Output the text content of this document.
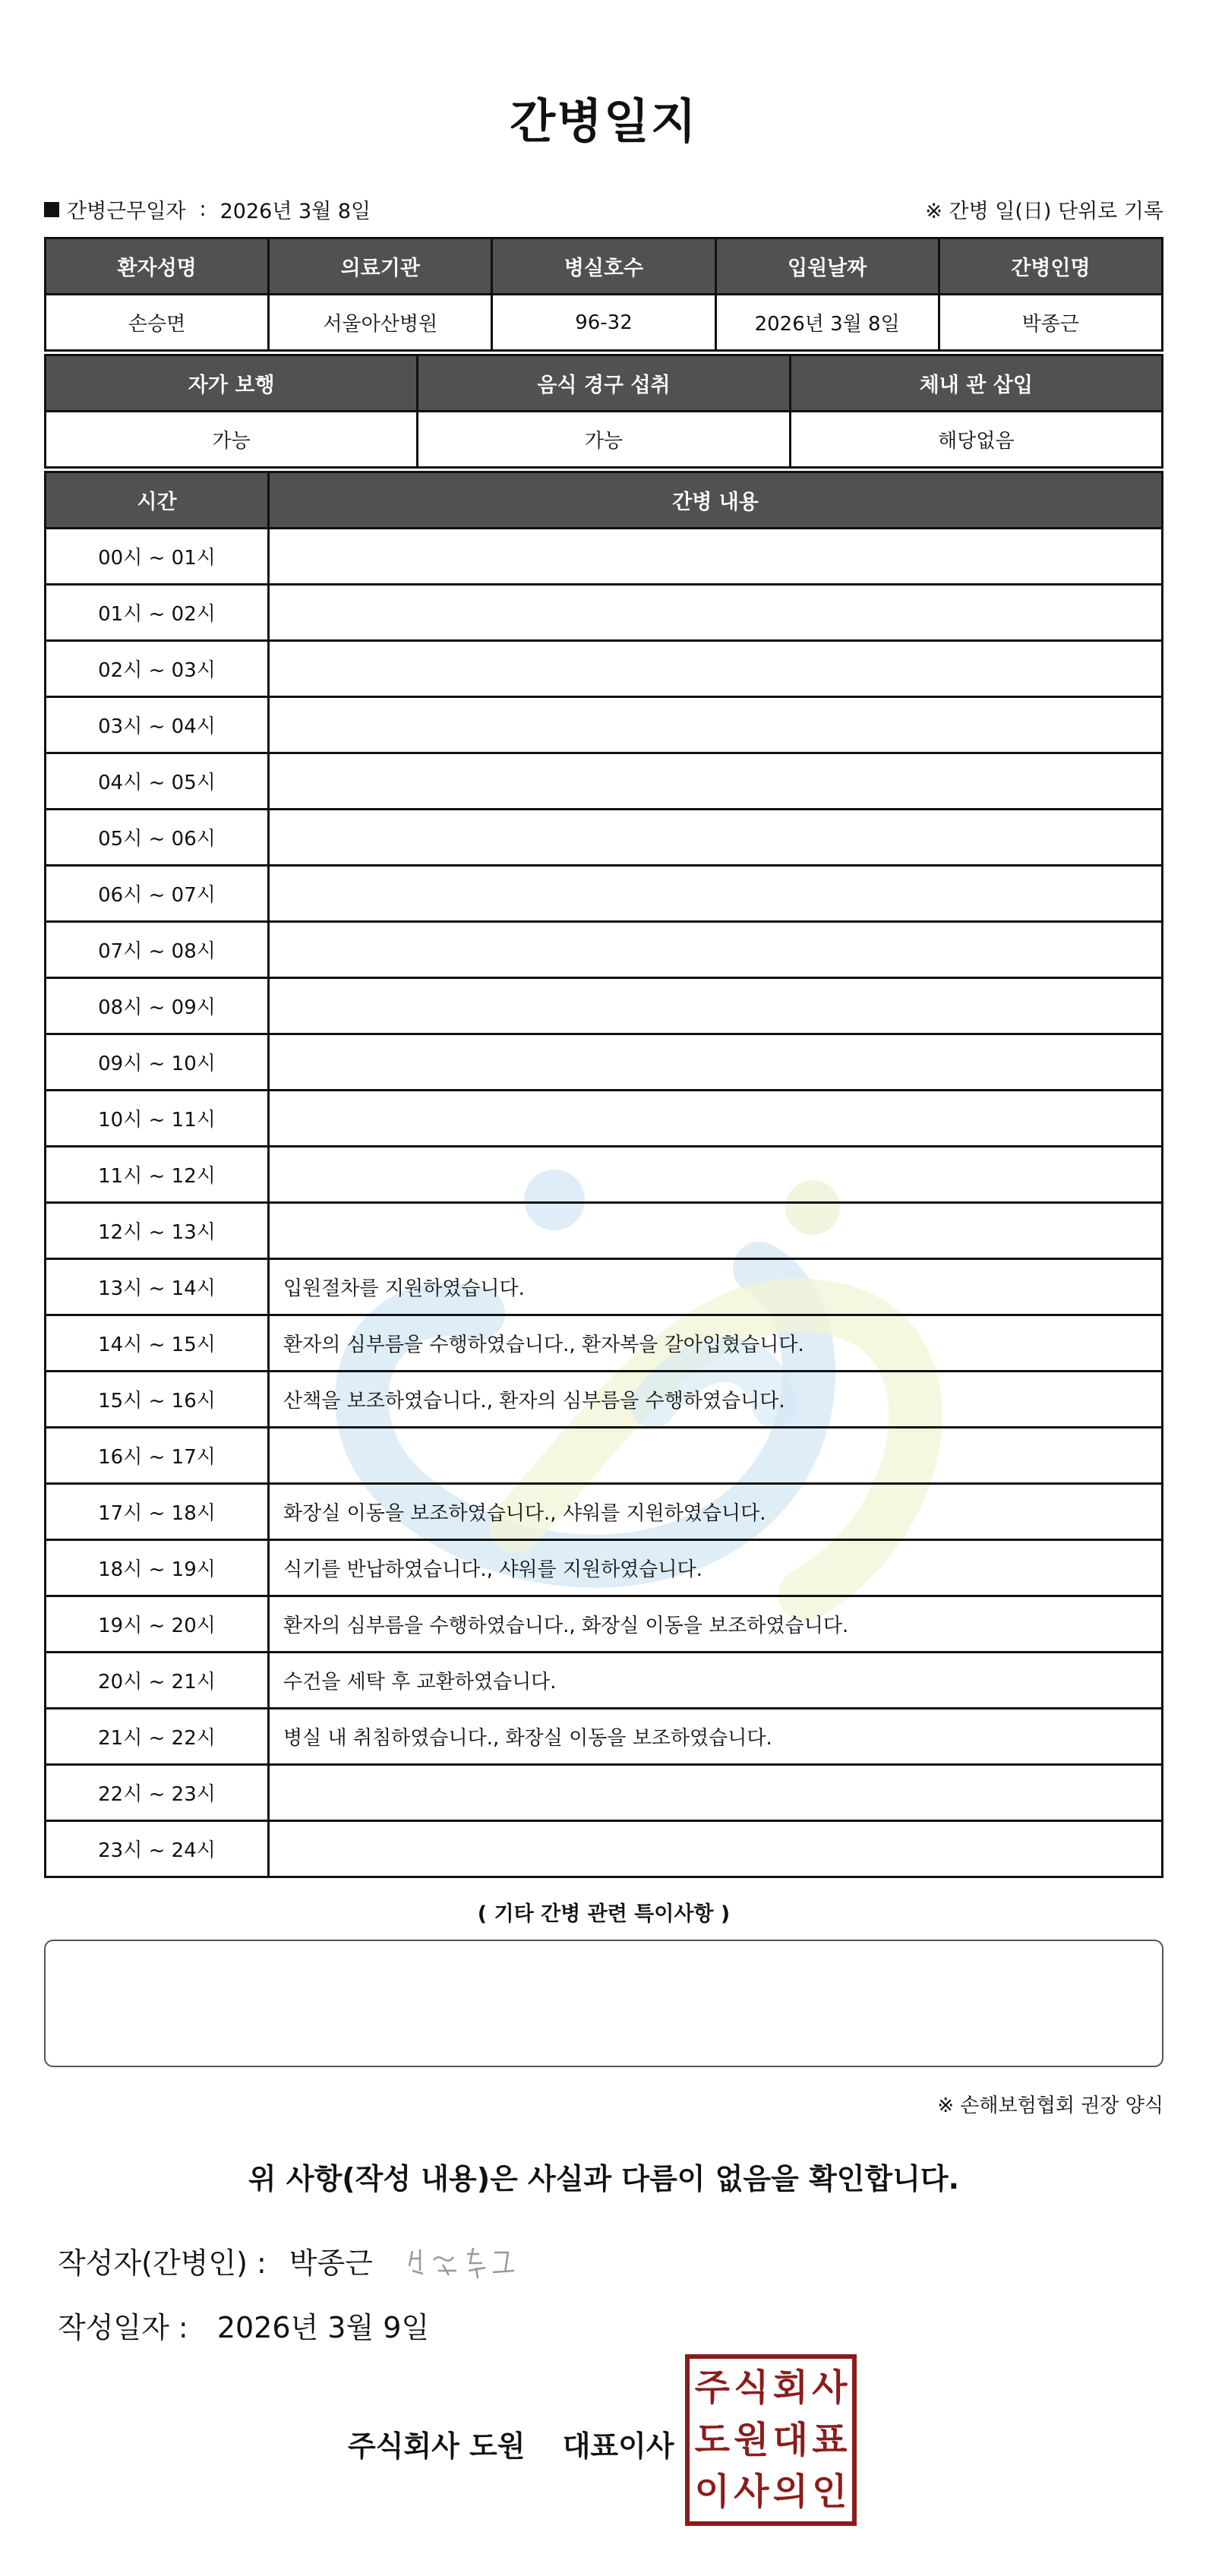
간병일지
간병근무일자 : 2026년 3월 8일	※ 간병 일(日) 단위로 기록
환자성명	의료기관	병실호수	입원날짜	간병인명
손승면	서울아산병원	96-32	2026년 3월 8일	박종근
자가 보행	음식 경구 섭취	체내 관 삽입
가능	가능	해당없음
시간	간병 내용
00시 ~ 01시	
01시 ~ 02시	
02시 ~ 03시	
03시 ~ 04시	
04시 ~ 05시	
05시 ~ 06시	
06시 ~ 07시	
07시 ~ 08시	
08시 ~ 09시	
09시 ~ 10시	
10시 ~ 11시	
11시 ~ 12시	
12시 ~ 13시	
13시 ~ 14시	입원절차를 지원하였습니다.
14시 ~ 15시	환자의 심부름을 수행하였습니다., 환자복을 갈아입혔습니다.
15시 ~ 16시	산책을 보조하였습니다., 환자의 심부름을 수행하였습니다.
16시 ~ 17시	
17시 ~ 18시	화장실 이동을 보조하였습니다., 샤워를 지원하였습니다.
18시 ~ 19시	식기를 반납하였습니다., 샤워를 지원하였습니다.
19시 ~ 20시	환자의 심부름을 수행하였습니다., 화장실 이동을 보조하였습니다.
20시 ~ 21시	수건을 세탁 후 교환하였습니다.
21시 ~ 22시	병실 내 취침하였습니다., 화장실 이동을 보조하였습니다.
22시 ~ 23시	
23시 ~ 24시	
( 기타 간병 관련 특이사항 )
※ 손해보험협회 권장 양식
위 사항(작성 내용)은 사실과 다름이 없음을 확인합니다.
작성자(간병인) : 박종근
작성일자 : 2026년 3월 9일
주식회사 도원 대표이사
주 식 회 사
도 원 대 표
이 사 의 인
